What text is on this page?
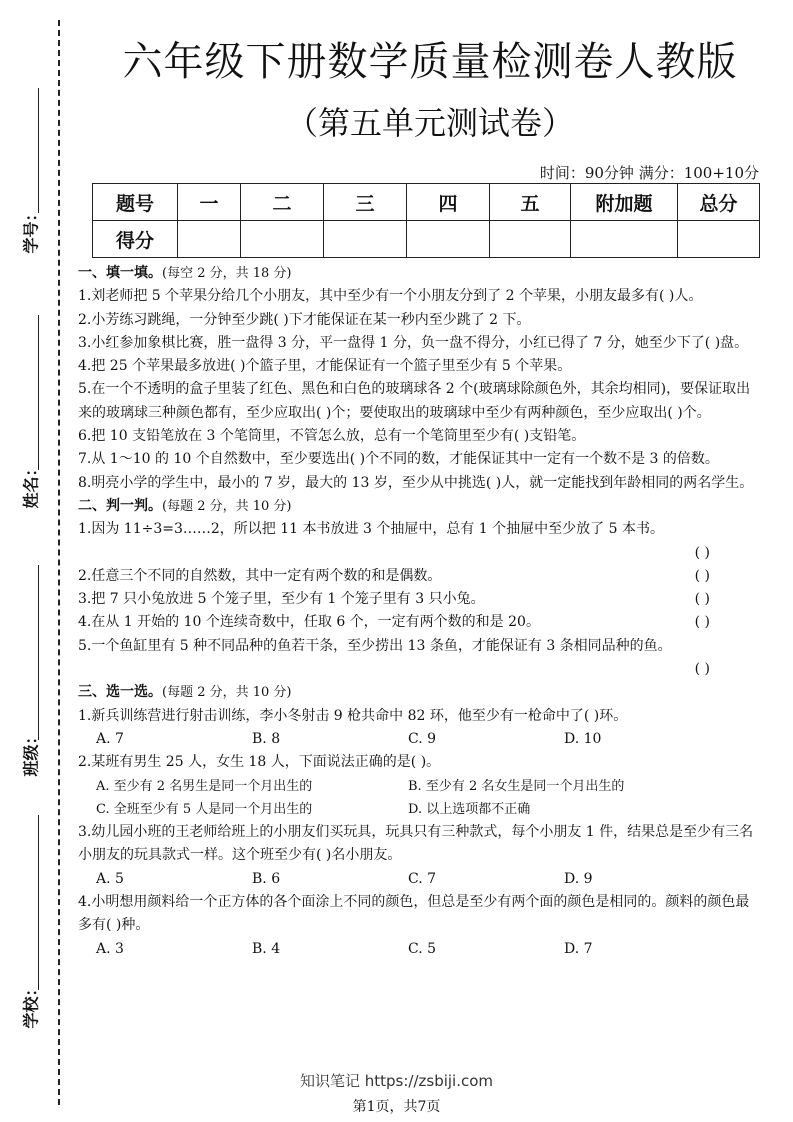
学号：
姓名：
班级：
学校：
六年级下册数学质量检测卷人教版
（第五单元测试卷）
时间：90分钟 满分：100+10分
题号	一	二	三	四	五	附加题	总分
得分							

一、填一填。(每空 2 分，共 18 分)

1.刘老师把 5 个苹果分给几个小朋友，其中至少有一个小朋友分到了 2 个苹果，小朋友最多有( )人。

2.小芳练习跳绳，一分钟至少跳( )下才能保证在某一秒内至少跳了 2 下。

3.小红参加象棋比赛，胜一盘得 3 分，平一盘得 1 分，负一盘不得分，小红已得了 7 分，她至少下了( )盘。

4.把 25 个苹果最多放进( )个篮子里，才能保证有一个篮子里至少有 5 个苹果。

5.在一个不透明的盒子里装了红色、黑色和白色的玻璃球各 2 个(玻璃球除颜色外，其余均相同)，要保证取出来的玻璃球三种颜色都有，至少应取出( )个；要使取出的玻璃球中至少有两种颜色，至少应取出( )个。

6.把 10 支铅笔放在 3 个笔筒里，不管怎么放，总有一个笔筒里至少有( )支铅笔。

7.从 1～10 的 10 个自然数中，至少要选出( )个不同的数，才能保证其中一定有一个数不是 3 的倍数。

8.明亮小学的学生中，最小的 7 岁，最大的 13 岁，至少从中挑选( )人，就一定能找到年龄相同的两名学生。

二、判一判。(每题 2 分，共 10 分)

1.因为 11÷3=3……2，所以把 11 本书放进 3 个抽屉中，总有 1 个抽屉中至少放了 5 本书。

( )

2.任意三个不同的自然数，其中一定有两个数的和是偶数。	( )
3.把 7 只小兔放进 5 个笼子里，至少有 1 个笼子里有 3 只小兔。	( )
4.在从 1 开始的 10 个连续奇数中，任取 6 个，一定有两个数的和是 20。	( )

5.一个鱼缸里有 5 种不同品种的鱼若干条，至少捞出 13 条鱼，才能保证有 3 条相同品种的鱼。

( )

三、选一选。(每题 2 分，共 10 分)

1.新兵训练营进行射击训练，李小冬射击 9 枪共命中 82 环，他至少有一枪命中了( )环。

A. 7	B. 8	C. 9	D. 10

2.某班有男生 25 人，女生 18 人，下面说法正确的是( )。

A. 至少有 2 名男生是同一个月出生的	B. 至少有 2 名女生是同一个月出生的
C. 全班至少有 5 人是同一个月出生的	D. 以上选项都不正确

3.幼儿园小班的王老师给班上的小朋友们买玩具，玩具只有三种款式，每个小朋友 1 件，结果总是至少有三名小朋友的玩具款式一样。这个班至少有( )名小朋友。

A. 5	B. 6	C. 7	D. 9

4.小明想用颜料给一个正方体的各个面涂上不同的颜色，但总是至少有两个面的颜色是相同的。颜料的颜色最多有( )种。

A. 3	B. 4	C. 5	D. 7
知识笔记 https://zsbiji.com
第1页，共7页
